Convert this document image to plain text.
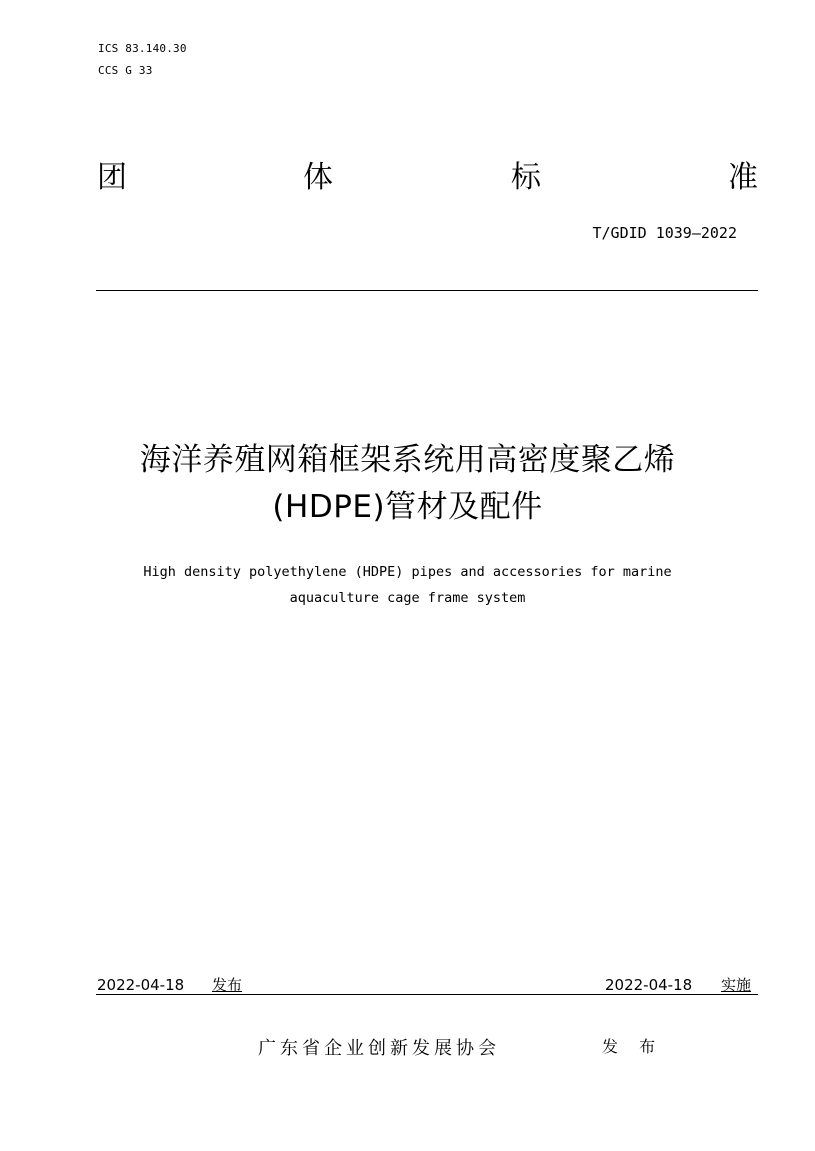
ICS 83.140.30
CCS G 33
团	体	标	准
T/GDID 1039—2022
海洋养殖网箱框架系统用高密度聚乙烯
(HDPE)管材及配件
High density polyethylene (HDPE) pipes and accessories for marine
aquaculture cage frame system
2022-04-18 发布	2022-04-18 实施
广东省企业创新发展协会	发 布
